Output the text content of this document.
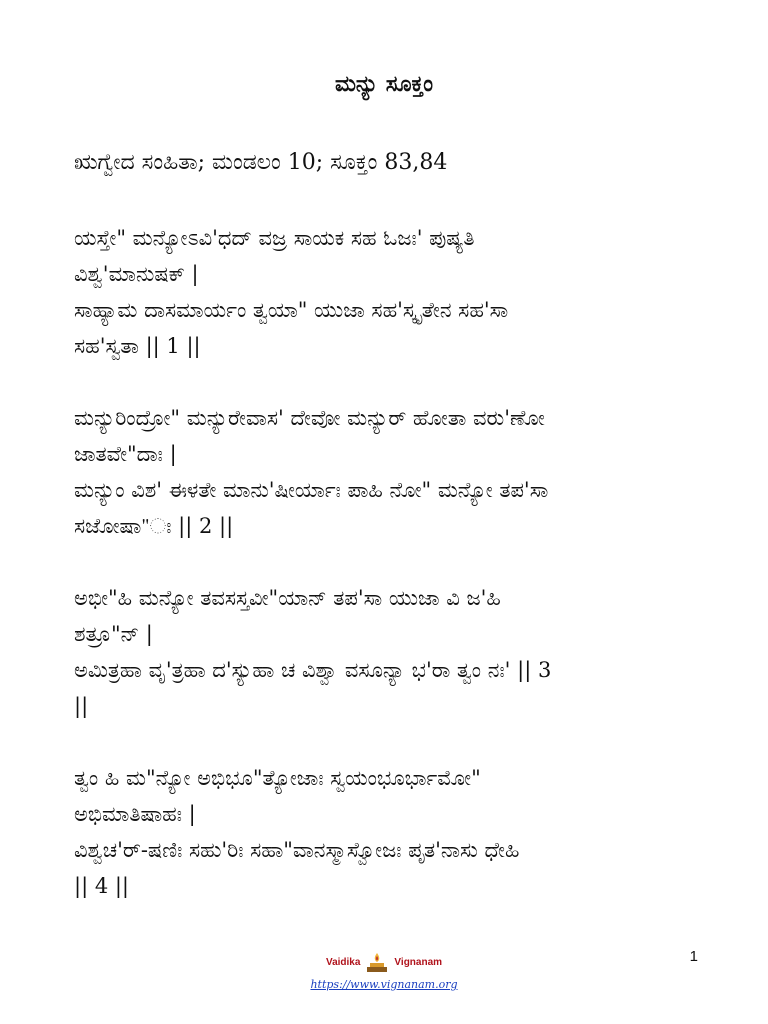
ಮನ್ಯು ಸೂಕ್ತಂ
ಋಗ್ವೇದ ಸಂಹಿತಾ; ಮಂಡಲಂ 10; ಸೂಕ್ತಂ 83,84
ಯಸ್ತೇ" ಮನ್ಯೋಽವಿ'ಧದ್ ವಜ್ರ ಸಾಯಕ ಸಹ ಓಜಃ' ಪುಷ್ಯತಿ
ವಿಶ್ವ'ಮಾನುಷಕ್ |
ಸಾಹ್ಯಾಮ ದಾಸಮಾರ್ಯಂ ತ್ವಯಾ" ಯುಜಾ ಸಹ'ಸ್ಕೃತೇನ ಸಹ'ಸಾ
ಸಹ'ಸ್ವತಾ || 1 ||
ಮನ್ಯುರಿಂದ್ರೋ" ಮನ್ಯುರೇವಾಸ' ದೇವೋ ಮನ್ಯುರ್ ಹೋತಾ ವರು'ಣೋ
ಜಾತವೇ"ದಾಃ |
ಮನ್ಯುಂ ವಿಶ' ಈಳತೇ ಮಾನು'ಷೀರ್ಯಾಃ ಪಾಹಿ ನೋ" ಮನ್ಯೋ ತಪ'ಸಾ
ಸಜೋಷಾ"ಃ || 2 ||
ಅಭೀ"ಹಿ ಮನ್ಯೋ ತವಸಸ್ತವೀ"ಯಾನ್ ತಪ'ಸಾ ಯುಜಾ ವಿ ಜ'ಹಿ
ಶತ್ರೂ"ನ್ |
ಅಮಿತ್ರಹಾ ವೃ'ತ್ರಹಾ ದ'ಸ್ಯುಹಾ ಚ ವಿಶ್ವಾ ವಸೂನ್ಯಾ ಭ'ರಾ ತ್ವಂ ನಃ' || 3
||
ತ್ವಂ ಹಿ ಮ"ನ್ಯೋ ಅಭಿಭೂ"ತ್ಯೋಜಾಃ ಸ್ವಯಂಭೂರ್ಭಾಮೋ"
ಅಭಿಮಾತಿಷಾಹಃ |
ವಿಶ್ವಚ'ರ್-ಷಣಿಃ ಸಹು'ರಿಃ ಸಹಾ"ವಾನಸ್ಮಾಸ್ವೋಜಃ ಪೃತ'ನಾಸು ಧೇಹಿ
|| 4 ||
1
Vaidika	Vignanam
https://www.vignanam.org
